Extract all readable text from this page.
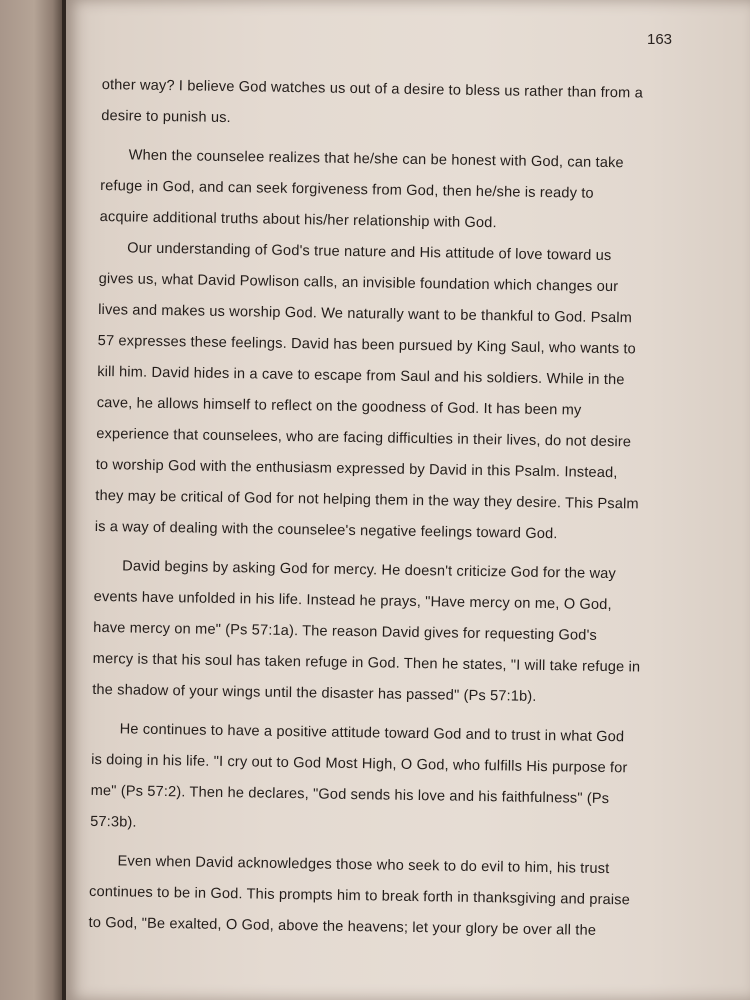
163
other way? I believe God watches us out of a desire to bless us rather than from a
desire to punish us.
When the counselee realizes that he/she can be honest with God, can take
refuge in God, and can seek forgiveness from God, then he/she is ready to
acquire additional truths about his/her relationship with God.
Our understanding of God's true nature and His attitude of love toward us
gives us, what David Powlison calls, an invisible foundation which changes our
lives and makes us worship God. We naturally want to be thankful to God. Psalm
57 expresses these feelings. David has been pursued by King Saul, who wants to
kill him. David hides in a cave to escape from Saul and his soldiers. While in the
cave, he allows himself to reflect on the goodness of God. It has been my
experience that counselees, who are facing difficulties in their lives, do not desire
to worship God with the enthusiasm expressed by David in this Psalm. Instead,
they may be critical of God for not helping them in the way they desire. This Psalm
is a way of dealing with the counselee's negative feelings toward God.
David begins by asking God for mercy. He doesn't criticize God for the way
events have unfolded in his life. Instead he prays, "Have mercy on me, O God,
have mercy on me" (Ps 57:1a). The reason David gives for requesting God's
mercy is that his soul has taken refuge in God. Then he states, "I will take refuge in
the shadow of your wings until the disaster has passed" (Ps 57:1b).
He continues to have a positive attitude toward God and to trust in what God
is doing in his life. "I cry out to God Most High, O God, who fulfills His purpose for
me" (Ps 57:2). Then he declares, "God sends his love and his faithfulness" (Ps
57:3b).
Even when David acknowledges those who seek to do evil to him, his trust
continues to be in God. This prompts him to break forth in thanksgiving and praise
to God, "Be exalted, O God, above the heavens; let your glory be over all the
